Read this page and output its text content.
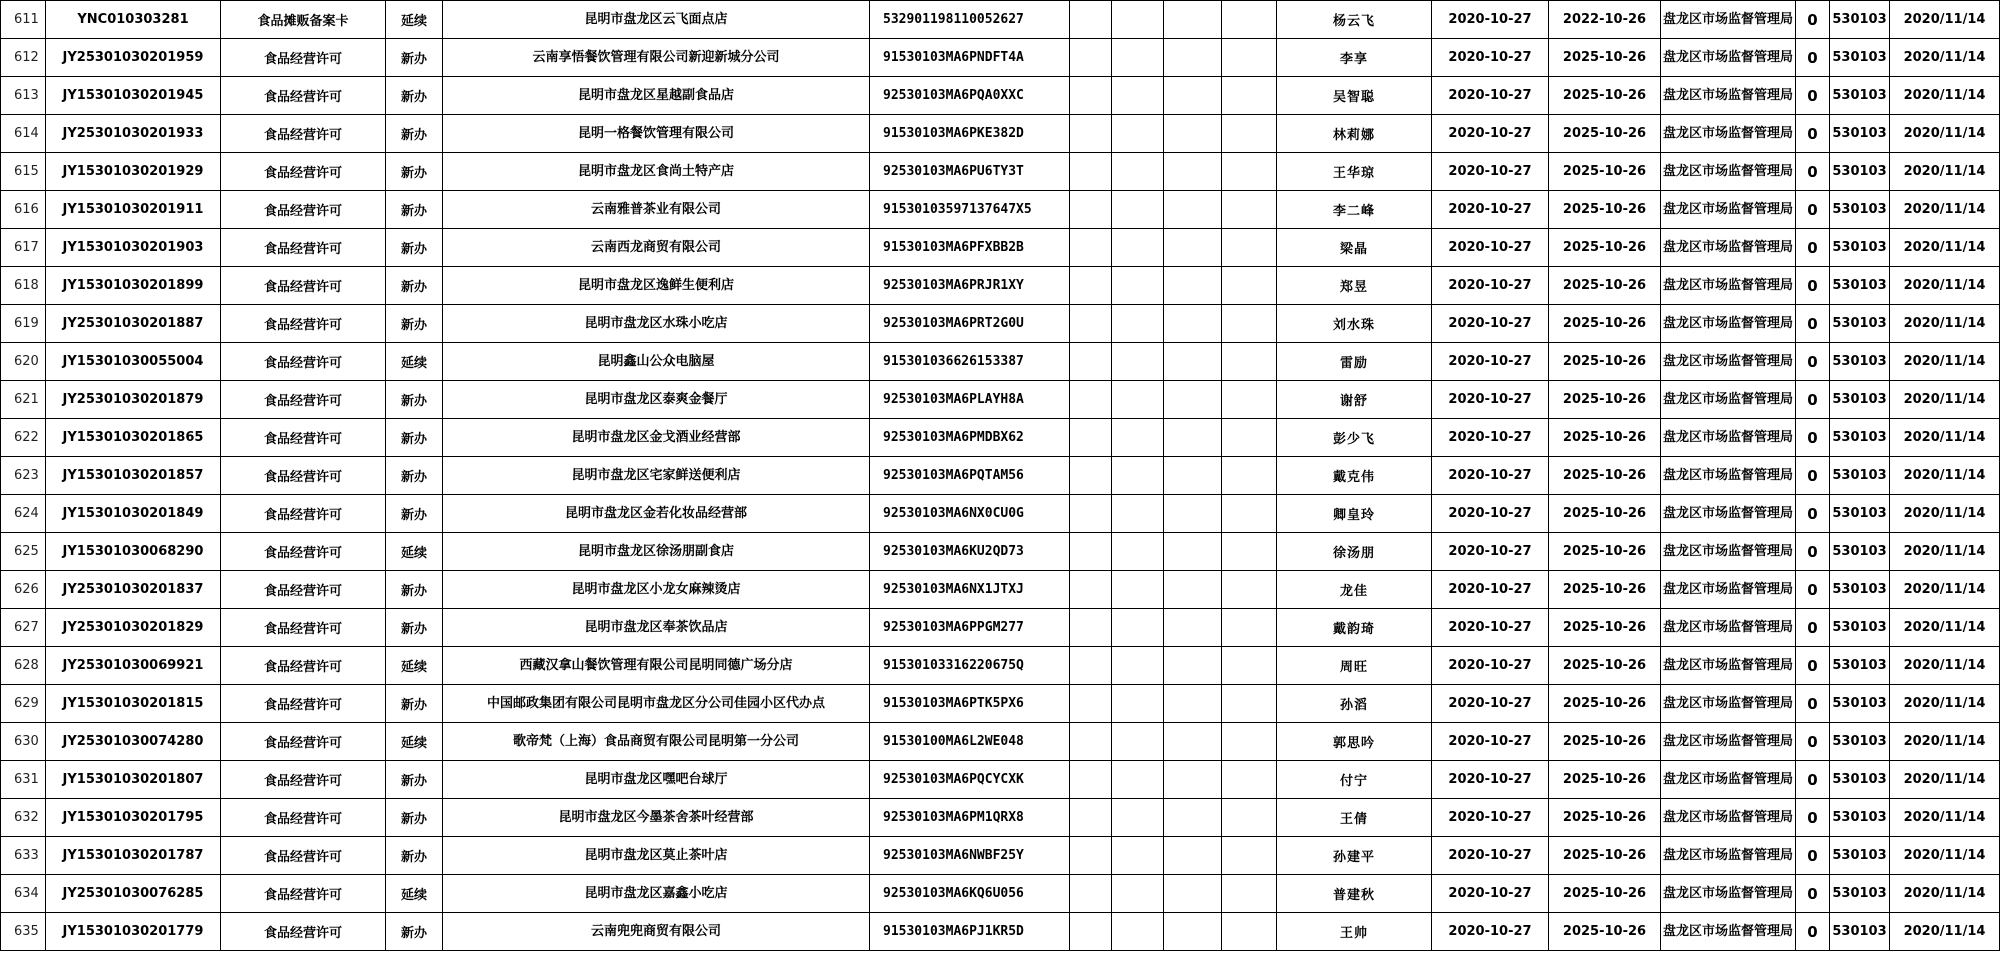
611	YNC010303281	食品摊贩备案卡	延续	昆明市盘龙区云飞面点店	532901198110052627					杨云飞	2020-10-27	2022-10-26	盘龙区市场监督管理局	0	530103	2020/11/14
612	JY25301030201959	食品经营许可	新办	云南享悟餐饮管理有限公司新迎新城分公司	91530103MA6PNDFT4A					李享	2020-10-27	2025-10-26	盘龙区市场监督管理局	0	530103	2020/11/14
613	JY15301030201945	食品经营许可	新办	昆明市盘龙区星越副食品店	92530103MA6PQA0XXC					吴智聪	2020-10-27	2025-10-26	盘龙区市场监督管理局	0	530103	2020/11/14
614	JY25301030201933	食品经营许可	新办	昆明一格餐饮管理有限公司	91530103MA6PKE382D					林莉娜	2020-10-27	2025-10-26	盘龙区市场监督管理局	0	530103	2020/11/14
615	JY15301030201929	食品经营许可	新办	昆明市盘龙区食尚土特产店	92530103MA6PU6TY3T					王华琼	2020-10-27	2025-10-26	盘龙区市场监督管理局	0	530103	2020/11/14
616	JY15301030201911	食品经营许可	新办	云南雅普茶业有限公司	91530103597137647X5					李二峰	2020-10-27	2025-10-26	盘龙区市场监督管理局	0	530103	2020/11/14
617	JY15301030201903	食品经营许可	新办	云南西龙商贸有限公司	91530103MA6PFXBB2B					梁晶	2020-10-27	2025-10-26	盘龙区市场监督管理局	0	530103	2020/11/14
618	JY15301030201899	食品经营许可	新办	昆明市盘龙区逸鲜生便利店	92530103MA6PRJR1XY					郑昱	2020-10-27	2025-10-26	盘龙区市场监督管理局	0	530103	2020/11/14
619	JY25301030201887	食品经营许可	新办	昆明市盘龙区水珠小吃店	92530103MA6PRT2G0U					刘水珠	2020-10-27	2025-10-26	盘龙区市场监督管理局	0	530103	2020/11/14
620	JY15301030055004	食品经营许可	延续	昆明鑫山公众电脑屋	915301036626153387					雷励	2020-10-27	2025-10-26	盘龙区市场监督管理局	0	530103	2020/11/14
621	JY25301030201879	食品经营许可	新办	昆明市盘龙区泰爽金餐厅	92530103MA6PLAYH8A					谢舒	2020-10-27	2025-10-26	盘龙区市场监督管理局	0	530103	2020/11/14
622	JY15301030201865	食品经营许可	新办	昆明市盘龙区金戈酒业经营部	92530103MA6PMDBX62					彭少飞	2020-10-27	2025-10-26	盘龙区市场监督管理局	0	530103	2020/11/14
623	JY15301030201857	食品经营许可	新办	昆明市盘龙区宅家鲜送便利店	92530103MA6PQTAM56					戴克伟	2020-10-27	2025-10-26	盘龙区市场监督管理局	0	530103	2020/11/14
624	JY15301030201849	食品经营许可	新办	昆明市盘龙区金若化妆品经营部	92530103MA6NX0CU0G					卿皇玲	2020-10-27	2025-10-26	盘龙区市场监督管理局	0	530103	2020/11/14
625	JY15301030068290	食品经营许可	延续	昆明市盘龙区徐汤朋副食店	92530103MA6KU2QD73					徐汤朋	2020-10-27	2025-10-26	盘龙区市场监督管理局	0	530103	2020/11/14
626	JY25301030201837	食品经营许可	新办	昆明市盘龙区小龙女麻辣烫店	92530103MA6NX1JTXJ					龙佳	2020-10-27	2025-10-26	盘龙区市场监督管理局	0	530103	2020/11/14
627	JY25301030201829	食品经营许可	新办	昆明市盘龙区奉茶饮品店	92530103MA6PPGM277					戴韵琦	2020-10-27	2025-10-26	盘龙区市场监督管理局	0	530103	2020/11/14
628	JY25301030069921	食品经营许可	延续	西藏汉拿山餐饮管理有限公司昆明同德广场分店	91530103316220675Q					周旺	2020-10-27	2025-10-26	盘龙区市场监督管理局	0	530103	2020/11/14
629	JY15301030201815	食品经营许可	新办	中国邮政集团有限公司昆明市盘龙区分公司佳园小区代办点	91530103MA6PTK5PX6					孙滔	2020-10-27	2025-10-26	盘龙区市场监督管理局	0	530103	2020/11/14
630	JY25301030074280	食品经营许可	延续	歌帝梵（上海）食品商贸有限公司昆明第一分公司	91530100MA6L2WE048					郭思吟	2020-10-27	2025-10-26	盘龙区市场监督管理局	0	530103	2020/11/14
631	JY15301030201807	食品经营许可	新办	昆明市盘龙区嘿吧台球厅	92530103MA6PQCYCXK					付宁	2020-10-27	2025-10-26	盘龙区市场监督管理局	0	530103	2020/11/14
632	JY15301030201795	食品经营许可	新办	昆明市盘龙区今墨茶舍茶叶经营部	92530103MA6PM1QRX8					王倩	2020-10-27	2025-10-26	盘龙区市场监督管理局	0	530103	2020/11/14
633	JY15301030201787	食品经营许可	新办	昆明市盘龙区莫止茶叶店	92530103MA6NWBF25Y					孙建平	2020-10-27	2025-10-26	盘龙区市场监督管理局	0	530103	2020/11/14
634	JY25301030076285	食品经营许可	延续	昆明市盘龙区嘉鑫小吃店	92530103MA6KQ6U056					普建秋	2020-10-27	2025-10-26	盘龙区市场监督管理局	0	530103	2020/11/14
635	JY15301030201779	食品经营许可	新办	云南兜兜商贸有限公司	91530103MA6PJ1KR5D					王帅	2020-10-27	2025-10-26	盘龙区市场监督管理局	0	530103	2020/11/14
